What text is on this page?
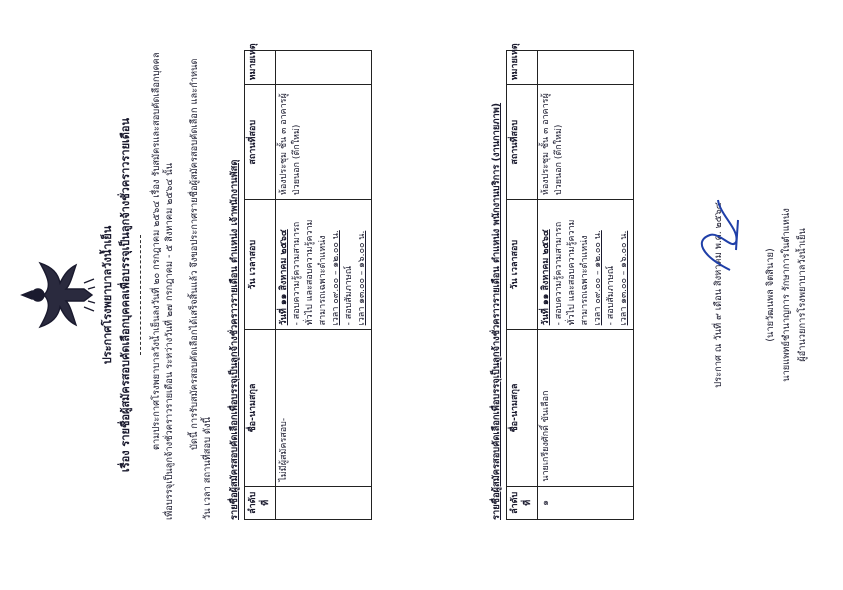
ประกาศโรงพยาบาลวังน้ำเย็น เรื่อง รายชื่อผู้สมัครสอบคัดเลือกบุคคลเพื่อบรรจุเป็นลูกจ้างชั่วคราวรายเดือน ตามประกาศโรงพยาบาลวังน้ำเย็นลงวันที่ ๒๐ กรกฎาคม ๒๕๖๔ เรื่อง รับสมัครและสอบคัดเลือกบุคคลเพื่อบรรจุเป็นลูกจ้างชั่วคราวรายเดือน ระหว่างวันที่ ๒๗ กรกฎาคม - ๕ สิงหาคม ๒๕๖๔ นั้น บัดนี้ การรับสมัครสอบคัดเลือกได้เสร็จสิ้นแล้ว จึงขอประกาศรายชื่อผู้สมัครสอบคัดเลือก และกำหนดวัน เวลา สถานที่สอบ ดังนี้ รายชื่อผู้สมัครสอบคัดเลือกเพื่อบรรจุเป็นลูกจ้างชั่วคราวรายเดือน ตำแหน่ง เจ้าพนักงานพัสดุ ลำดับที่	ชื่อ-นามสกุล	วัน เวลาสอบ	สถานที่สอบ	หมายเหตุ
	ไม่มีผู้สมัครสอบ-	วันที่ ๑๑ สิงหาคม ๒๕๖๔ - สอบความรู้ความสามารถทั่วไป และสอบความรู้ความสามารถเฉพาะตำแหน่ง เวลา ๐๙.๐๐ – ๑๒.๐๐ น. - สอบสัมภาษณ์ เวลา ๑๓.๐๐ – ๑๖.๐๐ น.	ห้องประชุม ชั้น ๓ อาคารผู้ป่วยนอก (ตึกใหม่)		รายชื่อผู้สมัครสอบคัดเลือกเพื่อบรรจุเป็นลูกจ้างชั่วคราวรายเดือน ตำแหน่ง พนักงานบริการ (งานกายภาพ) ลำดับที่	ชื่อ-นามสกุล	วัน เวลาสอบ	สถานที่สอบ	หมายเหตุ
๑	นายเกรียงศักดิ์ ขันเลือก	วันที่ ๑๑ สิงหาคม ๒๕๖๔ - สอบความรู้ความสามารถทั่วไป และสอบความรู้ความสามารถเฉพาะตำแหน่ง เวลา ๐๙.๐๐ – ๑๒.๐๐ น. - สอบสัมภาษณ์ เวลา ๑๓.๐๐ – ๑๖.๐๐ น.	ห้องประชุม ชั้น ๓ อาคารผู้ป่วยนอก (ตึกใหม่)	
ประกาศ ณ วันที่ ๙ เดือน สิงหาคม พ.ศ. ๒๕๖๔	(นายวัฒนพล จิตสินาย) นายแพทย์ชำนาญการ รักษาการในตำแหน่ง ผู้อำนวยการโรงพยาบาลวังน้ำเย็น
